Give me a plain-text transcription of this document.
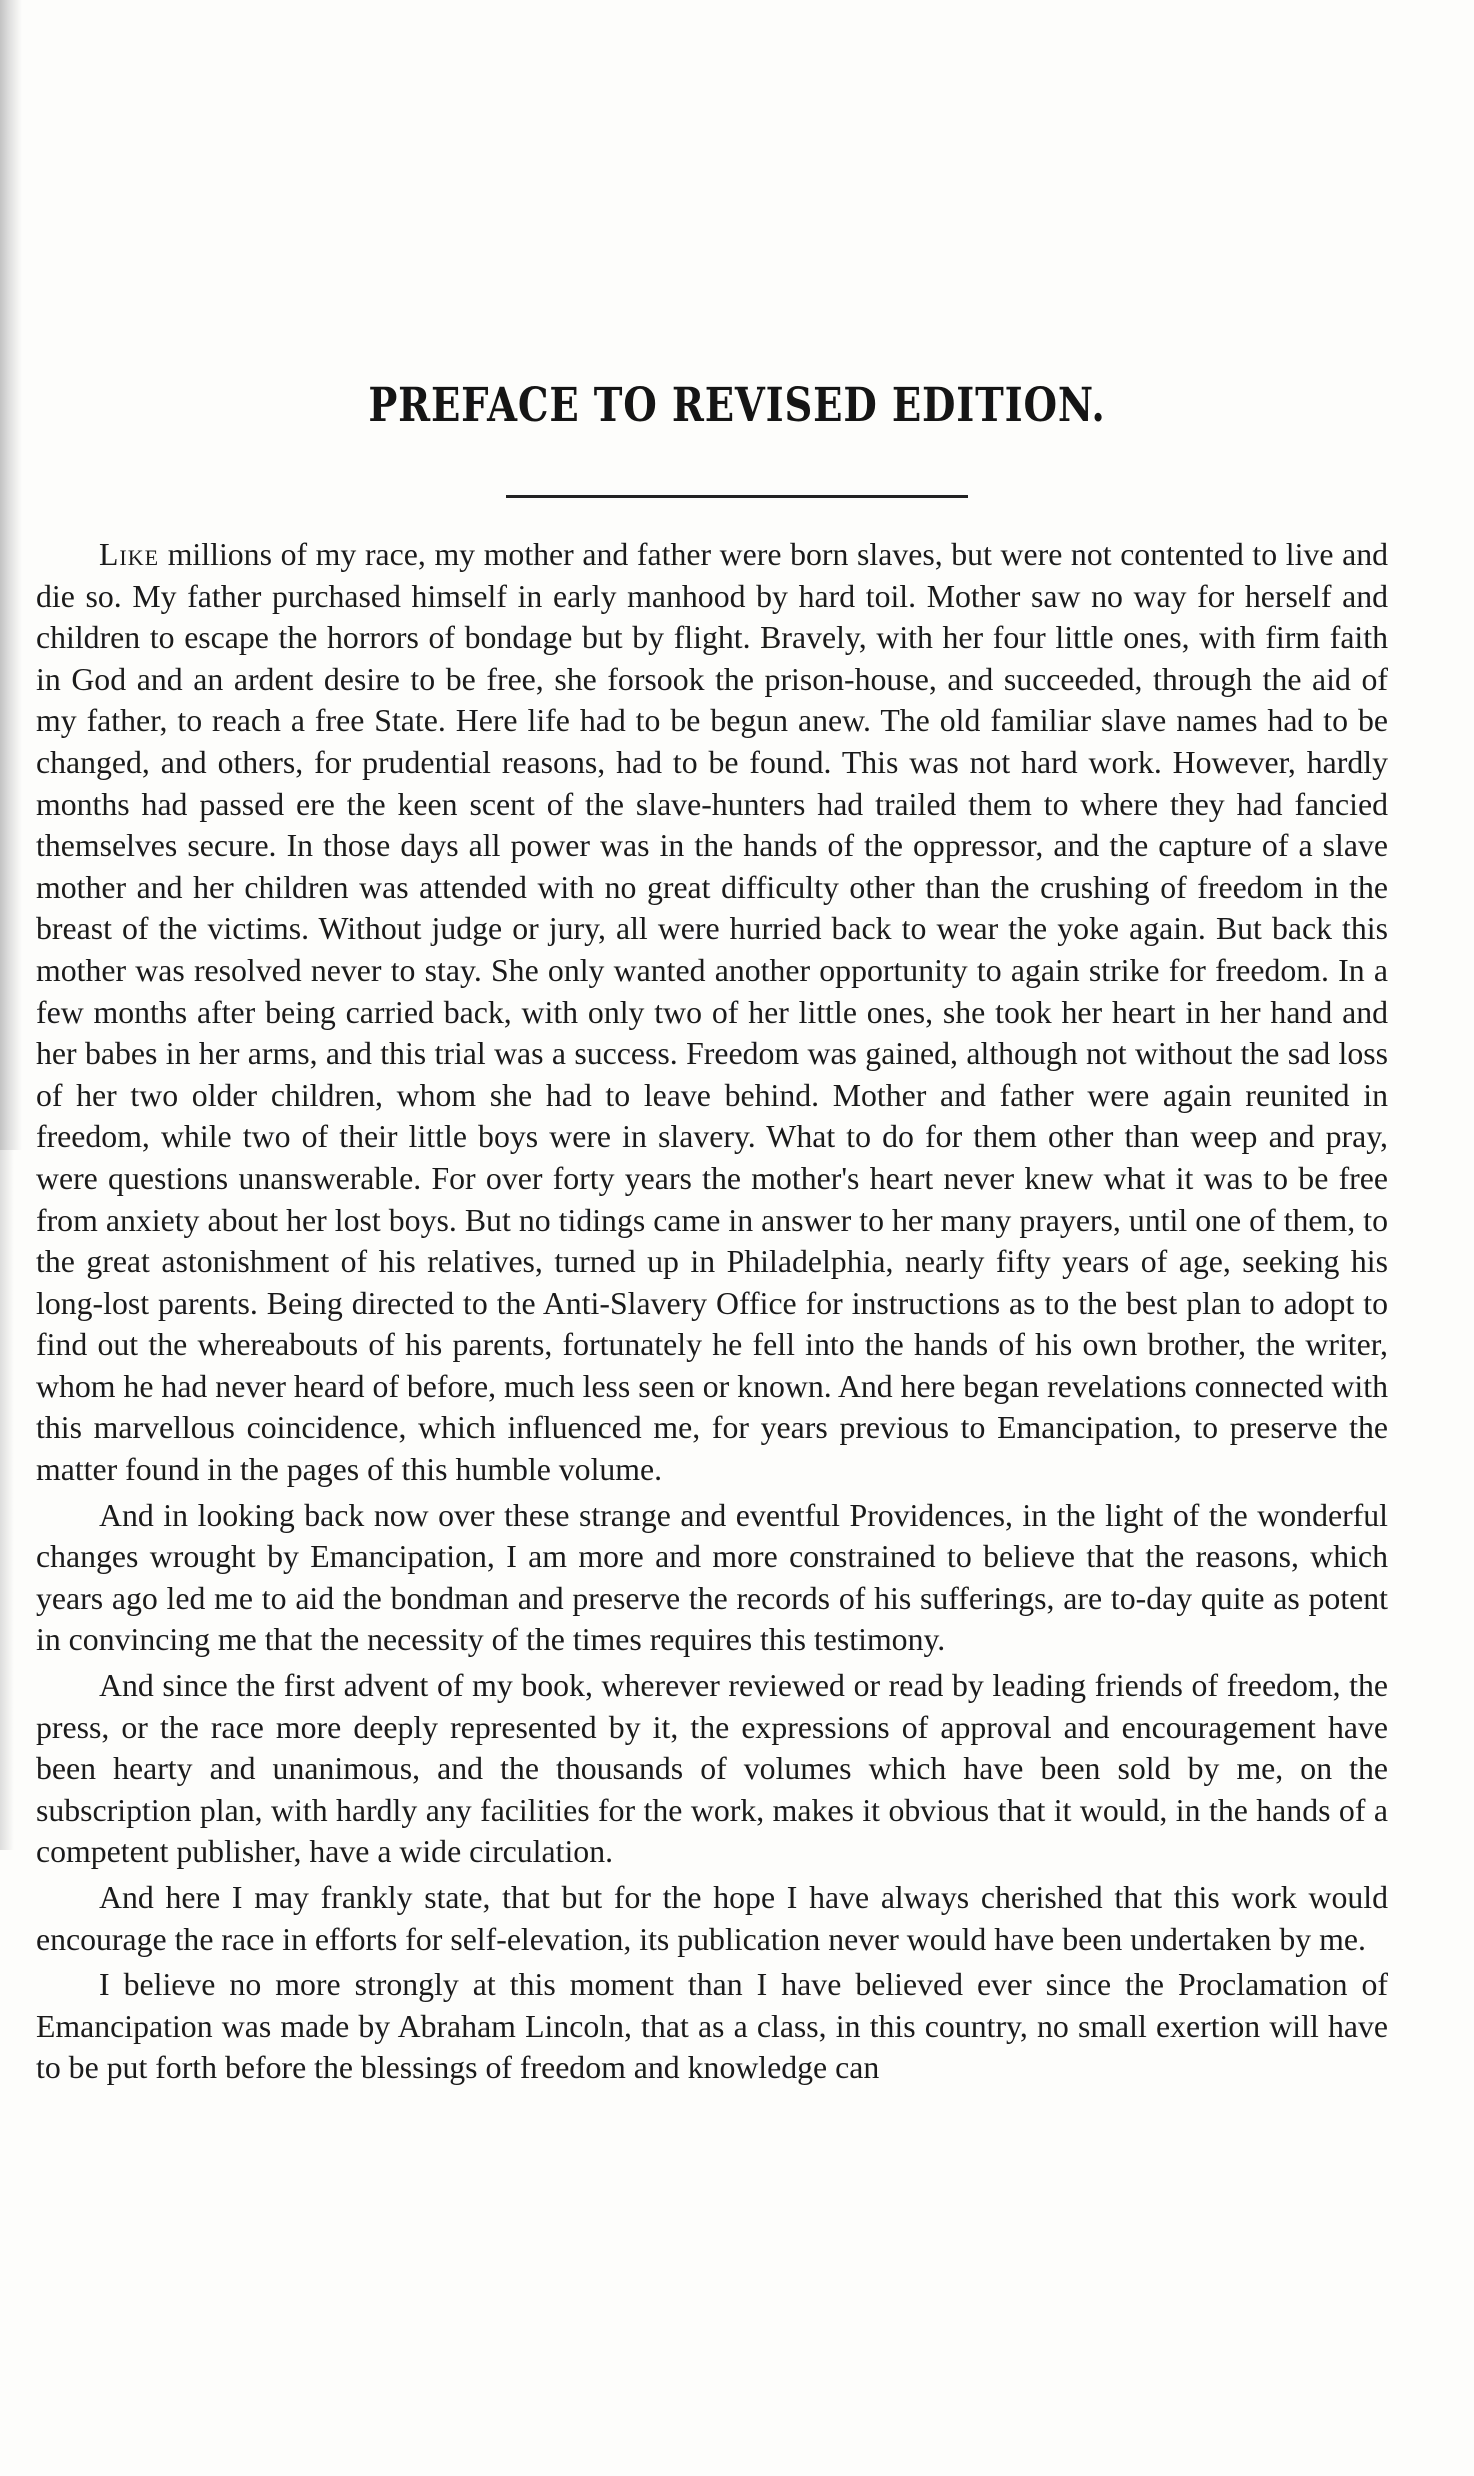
PREFACE TO REVISED EDITION.

Like millions of my race, my mother and father were born slaves, but were not contented to live and die so. My father purchased himself in early manhood by hard toil. Mother saw no way for herself and children to escape the horrors of bondage but by flight. Bravely, with her four little ones, with firm faith in God and an ardent desire to be free, she forsook the prison-house, and succeeded, through the aid of my father, to reach a free State. Here life had to be begun anew. The old familiar slave names had to be changed, and others, for prudential reasons, had to be found. This was not hard work. However, hardly months had passed ere the keen scent of the slave-hunters had trailed them to where they had fancied themselves secure. In those days all power was in the hands of the oppressor, and the capture of a slave mother and her children was attended with no great difficulty other than the crushing of freedom in the breast of the victims. Without judge or jury, all were hurried back to wear the yoke again. But back this mother was resolved never to stay. She only wanted another opportunity to again strike for freedom. In a few months after being carried back, with only two of her little ones, she took her heart in her hand and her babes in her arms, and this trial was a success. Freedom was gained, although not without the sad loss of her two older children, whom she had to leave behind. Mother and father were again reunited in freedom, while two of their little boys were in slavery. What to do for them other than weep and pray, were questions unanswerable. For over forty years the mother's heart never knew what it was to be free from anxiety about her lost boys. But no tidings came in answer to her many prayers, until one of them, to the great astonishment of his relatives, turned up in Philadelphia, nearly fifty years of age, seeking his long-lost parents. Being directed to the Anti-Slavery Office for instructions as to the best plan to adopt to find out the whereabouts of his parents, fortunately he fell into the hands of his own brother, the writer, whom he had never heard of before, much less seen or known. And here began revelations connected with this marvellous coincidence, which influenced me, for years previous to Emancipation, to preserve the matter found in the pages of this humble volume.

And in looking back now over these strange and eventful Providences, in the light of the wonderful changes wrought by Emancipation, I am more and more constrained to believe that the reasons, which years ago led me to aid the bondman and preserve the records of his sufferings, are to-day quite as potent in convincing me that the necessity of the times requires this testimony.

And since the first advent of my book, wherever reviewed or read by leading friends of freedom, the press, or the race more deeply represented by it, the expressions of approval and encouragement have been hearty and unanimous, and the thousands of volumes which have been sold by me, on the subscription plan, with hardly any facilities for the work, makes it obvious that it would, in the hands of a competent publisher, have a wide circulation.

And here I may frankly state, that but for the hope I have always cherished that this work would encourage the race in efforts for self-elevation, its publication never would have been undertaken by me.

I believe no more strongly at this moment than I have believed ever since the Proclamation of Emancipation was made by Abraham Lincoln, that as a class, in this country, no small exertion will have to be put forth before the blessings of freedom and knowledge can
